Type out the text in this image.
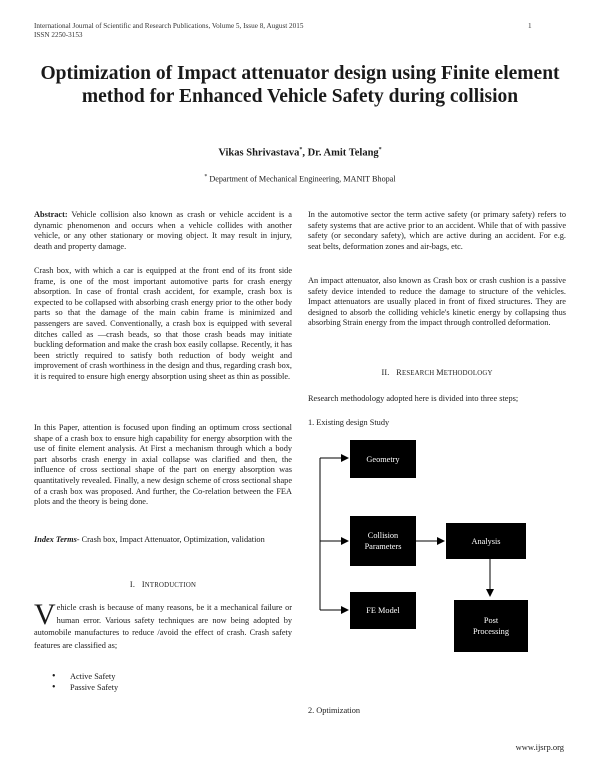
International Journal of Scientific and Research Publications, Volume 5, Issue 8, August 2015
ISSN 2250-3153
1
Optimization of Impact attenuator design using Finite element method for Enhanced Vehicle Safety during collision
Vikas Shrivastava*, Dr. Amit Telang*
* Department of Mechanical Engineering, MANIT Bhopal
Abstract: Vehicle collision also known as crash or vehicle accident is a dynamic phenomenon and occurs when a vehicle collides with another vehicle, or any other stationary or moving object. It may result in injury, death and property damage.
Crash box, with which a car is equipped at the front end of its front side frame, is one of the most important automotive parts for crash energy absorption. In case of frontal crash accident, for example, crash box is expected to be collapsed with absorbing crash energy prior to the other body parts so that the damage of the main cabin frame is minimized and passengers are saved. Conventionally, a crash box is equipped with several ditches called as —crash beads, so that those crash beads may initiate buckling deformation and make the crash box easily collapse. Recently, it has been strictly required to satisfy both reduction of body weight and improvement of crash worthiness in the design and thus, regarding crash box, it is required to ensure high energy absorption using sheet as thin as possible.
In this Paper, attention is focused upon finding an optimum cross sectional shape of a crash box to ensure high capability for energy absorption with the use of finite element analysis. At First a mechanism through which a body part absorbs crash energy in axial collapse was clarified and then, the influence of cross sectional shape of the part on energy absorption was quantitatively revealed. Finally, a new design scheme of cross sectional shape of a crash box was proposed. And further, the Co-relation between the FEA plots and the theory is being done.
Index Terms- Crash box, Impact Attenuator, Optimization, validation
I. INTRODUCTION
Vehicle crash is because of many reasons, be it a mechanical failure or human error. Various safety techniques are now being adopted by automobile manufactures to reduce /avoid the effect of crash. Crash safety features are classified as;
• Active Safety
• Passive Safety
In the automotive sector the term active safety (or primary safety) refers to safety systems that are active prior to an accident. While that of with passive safety (or secondary safety), which are active during an accident. For e.g. seat belts, deformation zones and air-bags, etc.
An impact attenuator, also known as Crash box or crash cushion is a passive safety device intended to reduce the damage to structure of the vehicles. Impact attenuators are usually placed in front of fixed structures. They are designed to absorb the colliding vehicle's kinetic energy by collapsing thus absorbing Strain energy from the impact through controlled deformation.
II. RESEARCH METHODOLOGY
Research methodology adopted here is divided into three steps;
1. Existing design Study
Geometry
Collision
Parameters
Analysis
FE Model
Post
Processing
2. Optimization
www.ijsrp.org
